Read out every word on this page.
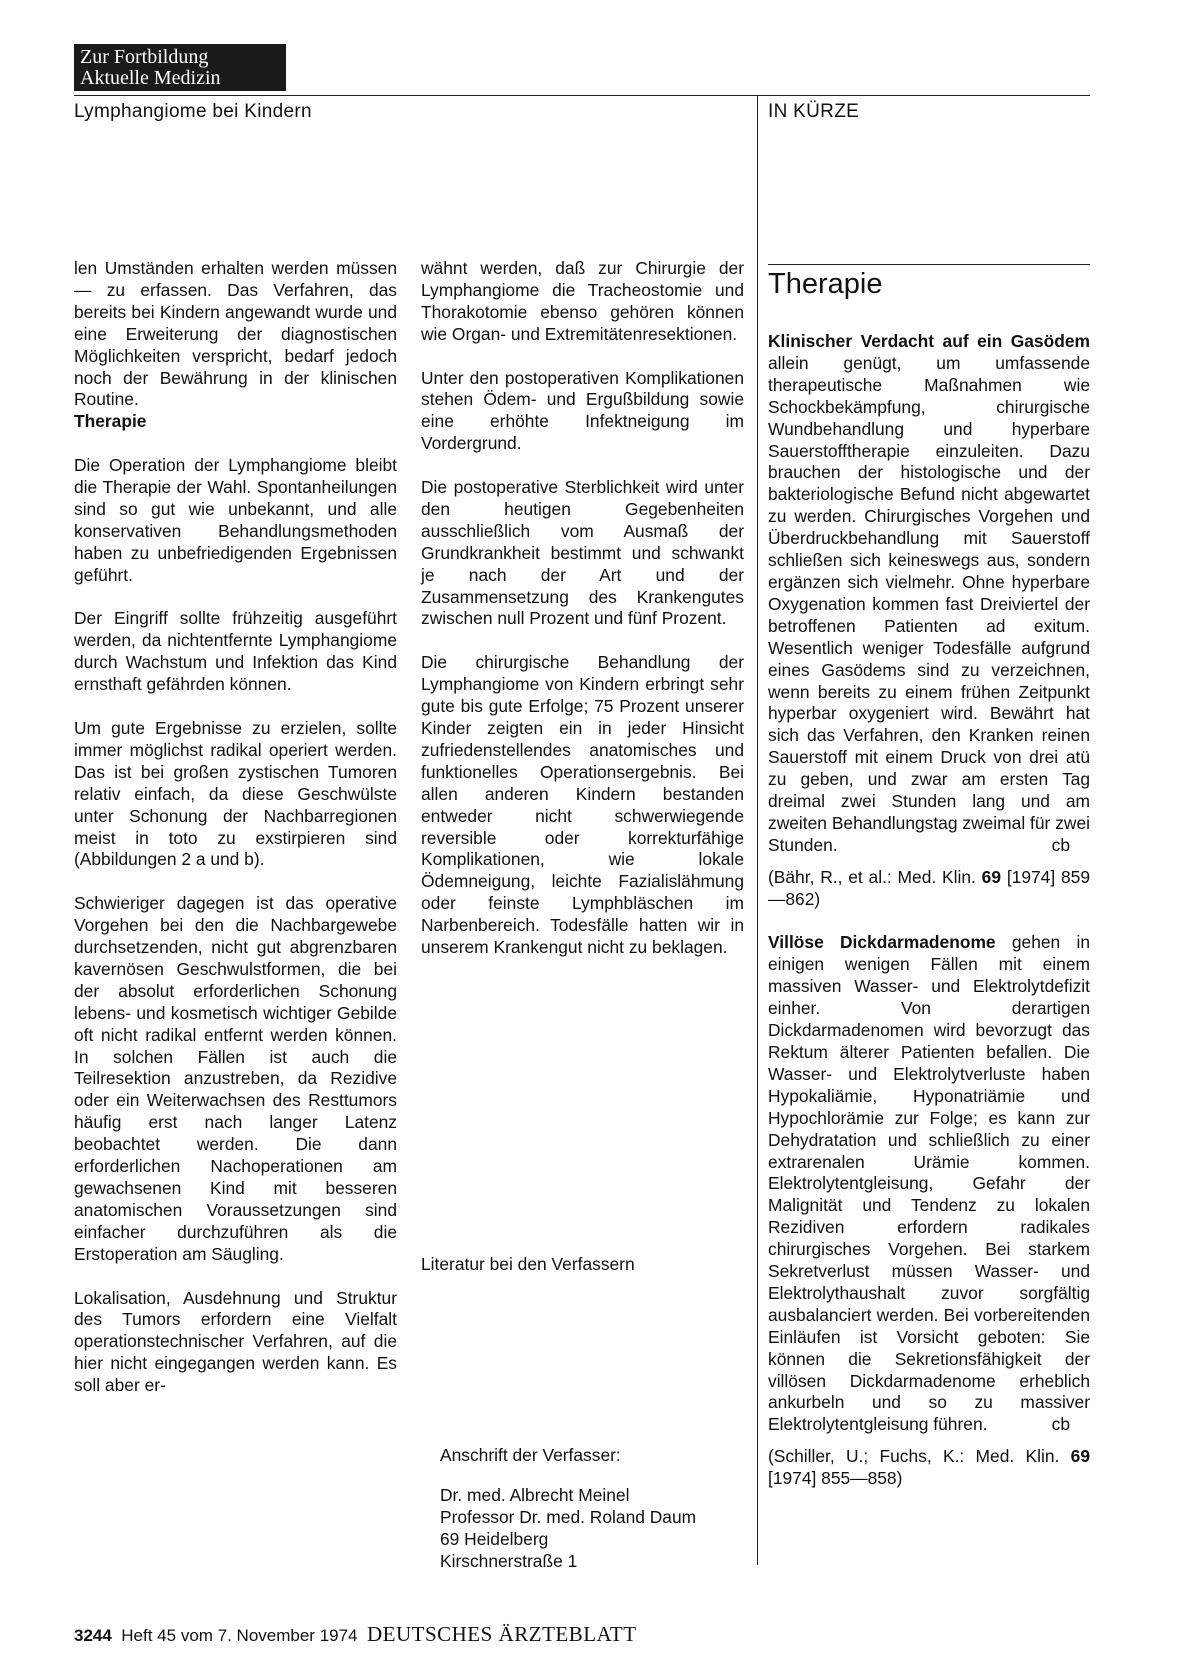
Zur Fortbildung
Aktuelle Medizin
Lymphangiome bei Kindern	IN KÜRZE

len Umständen erhalten werden müssen — zu erfassen. Das Verfahren, das bereits bei Kindern angewandt wurde und eine Erweiterung der diagnostischen Möglichkeiten verspricht, bedarf jedoch noch der Bewährung in der klinischen Routine.

Therapie

Die Operation der Lymphangiome bleibt die Therapie der Wahl. Spontanheilungen sind so gut wie unbekannt, und alle konservativen Behandlungsmethoden haben zu unbefriedigenden Ergebnissen geführt.

Der Eingriff sollte frühzeitig ausgeführt werden, da nichtentfernte Lymphangiome durch Wachstum und Infektion das Kind ernsthaft gefährden können.

Um gute Ergebnisse zu erzielen, sollte immer möglichst radikal operiert werden. Das ist bei großen zystischen Tumoren relativ einfach, da diese Geschwülste unter Schonung der Nachbarregionen meist in toto zu exstirpieren sind (Abbildungen 2 a und b).

Schwieriger dagegen ist das operative Vorgehen bei den die Nachbargewebe durchsetzenden, nicht gut abgrenzbaren kavernösen Geschwulstformen, die bei der absolut erforderlichen Schonung lebens- und kosmetisch wichtiger Gebilde oft nicht radikal entfernt werden können. In solchen Fällen ist auch die Teilresektion anzustreben, da Rezidive oder ein Weiterwachsen des Resttumors häufig erst nach langer Latenz beobachtet werden. Die dann erforderlichen Nachoperationen am gewachsenen Kind mit besseren anatomischen Voraussetzungen sind einfacher durchzuführen als die Erstoperation am Säugling.

Lokalisation, Ausdehnung und Struktur des Tumors erfordern eine Vielfalt operationstechnischer Verfahren, auf die hier nicht eingegangen werden kann. Es soll aber er-

wähnt werden, daß zur Chirurgie der Lymphangiome die Tracheostomie und Thorakotomie ebenso gehören können wie Organ- und Extremitätenresektionen.

Unter den postoperativen Komplikationen stehen Ödem- und Ergußbildung sowie eine erhöhte Infektneigung im Vordergrund.

Die postoperative Sterblichkeit wird unter den heutigen Gegebenheiten ausschließlich vom Ausmaß der Grundkrankheit bestimmt und schwankt je nach der Art und der Zusammensetzung des Krankengutes zwischen null Prozent und fünf Prozent.

Die chirurgische Behandlung der Lymphangiome von Kindern erbringt sehr gute bis gute Erfolge; 75 Prozent unserer Kinder zeigten ein in jeder Hinsicht zufriedenstellendes anatomisches und funktionelles Operationsergebnis. Bei allen anderen Kindern bestanden entweder nicht schwerwiegende reversible oder korrekturfähige Komplikationen, wie lokale Ödemneigung, leichte Fazialislähmung oder feinste Lymphbläschen im Narbenbereich. Todesfälle hatten wir in unserem Krankengut nicht zu beklagen.

Literatur bei den Verfassern
Anschrift der Verfasser:
Dr. med. Albrecht Meinel
Professor Dr. med. Roland Daum
69 Heidelberg
Kirschnerstraße 1
Therapie

Klinischer Verdacht auf ein Gasödem allein genügt, um umfassende therapeutische Maßnahmen wie Schockbekämpfung, chirurgische Wundbehandlung und hyperbare Sauerstofftherapie einzuleiten. Dazu brauchen der histologische und der bakteriologische Befund nicht abgewartet zu werden. Chirurgisches Vorgehen und Überdruckbehandlung mit Sauerstoff schließen sich keineswegs aus, sondern ergänzen sich vielmehr. Ohne hyperbare Oxygenation kommen fast Dreiviertel der betroffenen Patienten ad exitum. Wesentlich weniger Todesfälle aufgrund eines Gasödems sind zu verzeichnen, wenn bereits zu einem frühen Zeitpunkt hyperbar oxygeniert wird. Bewährt hat sich das Verfahren, den Kranken reinen Sauerstoff mit einem Druck von drei atü zu geben, und zwar am ersten Tag dreimal zwei Stunden lang und am zweiten Behandlungstag zweimal für zwei Stunden.	cb

(Bähr, R., et al.: Med. Klin. 69 [1974] 859—862)

Villöse Dickdarmadenome gehen in einigen wenigen Fällen mit einem massiven Wasser- und Elektrolytdefizit einher. Von derartigen Dickdarmadenomen wird bevorzugt das Rektum älterer Patienten befallen. Die Wasser- und Elektrolytverluste haben Hypokaliämie, Hyponatriämie und Hypochlorämie zur Folge; es kann zur Dehydratation und schließlich zu einer extrarenalen Urämie kommen. Elektrolytentgleisung, Gefahr der Malignität und Tendenz zu lokalen Rezidiven erfordern radikales chirurgisches Vorgehen. Bei starkem Sekretverlust müssen Wasser- und Elektrolythaushalt zuvor sorgfältig ausbalanciert werden. Bei vorbereitenden Einläufen ist Vorsicht geboten: Sie können die Sekretionsfähigkeit der villösen Dickdarmadenome erheblich ankurbeln und so zu massiver Elektrolytentgleisung führen.	cb

(Schiller, U.; Fuchs, K.: Med. Klin. 69 [1974] 855—858)

3244 Heft 45 vom 7. November 1974 DEUTSCHES ÄRZTEBLATT
